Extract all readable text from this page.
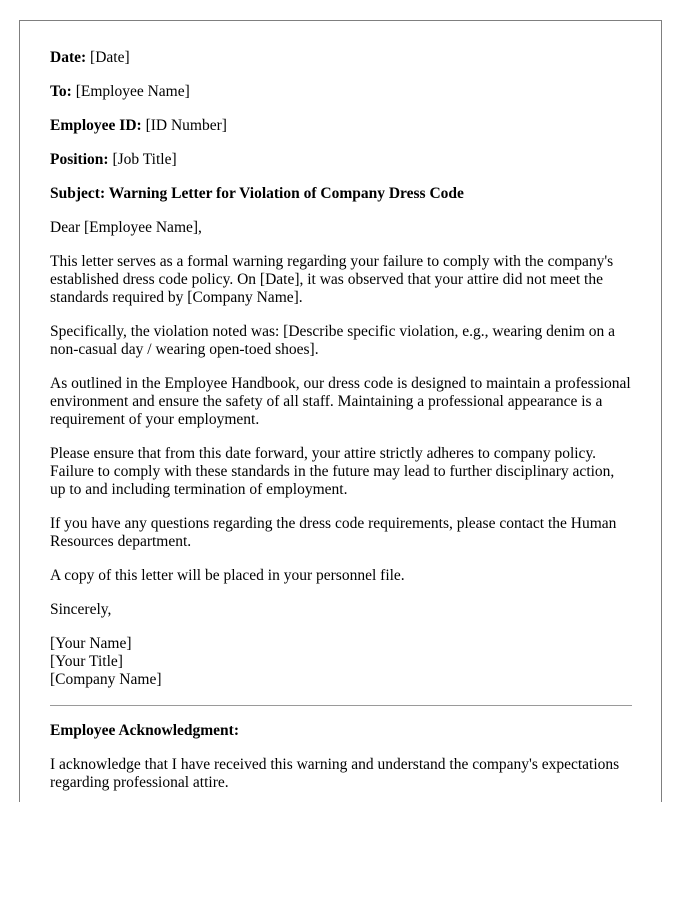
Date: [Date]

To: [Employee Name]

Employee ID: [ID Number]

Position: [Job Title]

Subject: Warning Letter for Violation of Company Dress Code

Dear [Employee Name],

This letter serves as a formal warning regarding your failure to comply with the company's established dress code policy. On [Date], it was observed that your attire did not meet the standards required by [Company Name].

Specifically, the violation noted was: [Describe specific violation, e.g., wearing denim on a non-casual day / wearing open-toed shoes].

As outlined in the Employee Handbook, our dress code is designed to maintain a professional environment and ensure the safety of all staff. Maintaining a professional appearance is a requirement of your employment.

Please ensure that from this date forward, your attire strictly adheres to company policy. Failure to comply with these standards in the future may lead to further disciplinary action, up to and including termination of employment.

If you have any questions regarding the dress code requirements, please contact the Human Resources department.

A copy of this letter will be placed in your personnel file.

Sincerely,

[Your Name]
[Your Title]
[Company Name]

Employee Acknowledgment:

I acknowledge that I have received this warning and understand the company's expectations regarding professional attire.
